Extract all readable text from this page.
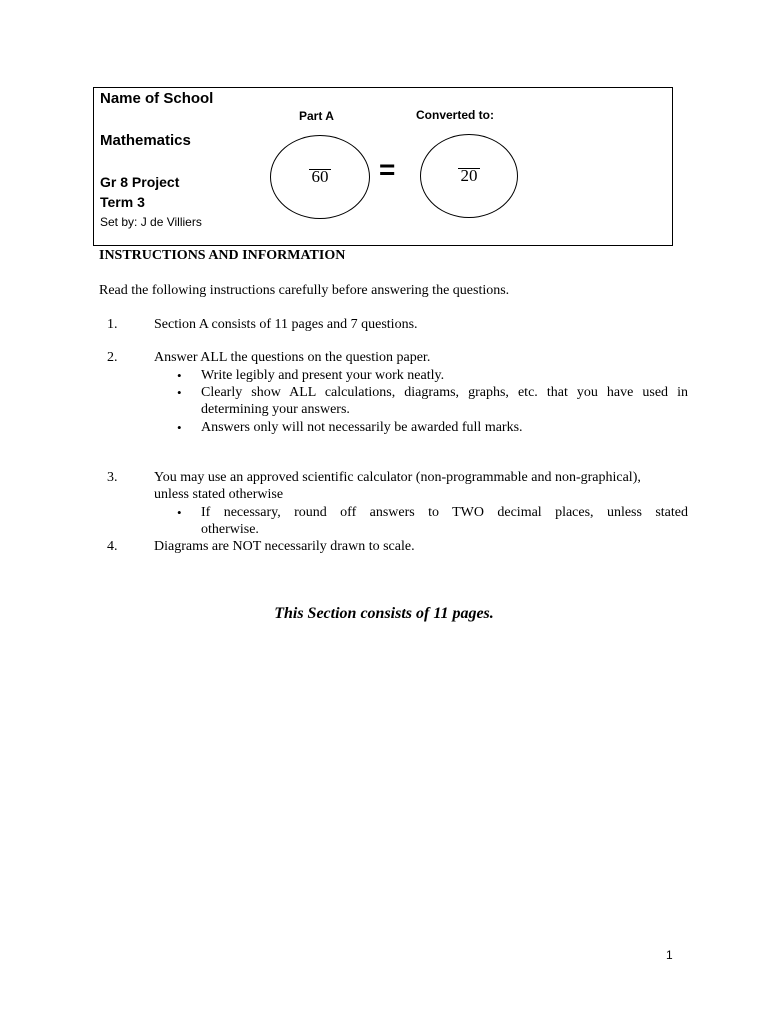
Name of School
Mathematics
Gr 8 Project
Term 3
Set by: J de Villiers
Part A	Converted to:
60	=	20
INSTRUCTIONS AND INFORMATION
Read the following instructions carefully before answering the questions.
1.	Section A consists of 11 pages and 7 questions.
2.	Answer ALL the questions on the question paper.
• Write legibly and present your work neatly.
• Clearly show ALL calculations, diagrams, graphs, etc. that you have used in
determining your answers.
• Answers only will not necessarily be awarded full marks.
3.	You may use an approved scientific calculator (non-programmable and non-graphical),
unless stated otherwise
• If necessary, round off answers to TWO decimal places, unless stated
otherwise.
4.	Diagrams are NOT necessarily drawn to scale.
This Section consists of 11 pages.
1
